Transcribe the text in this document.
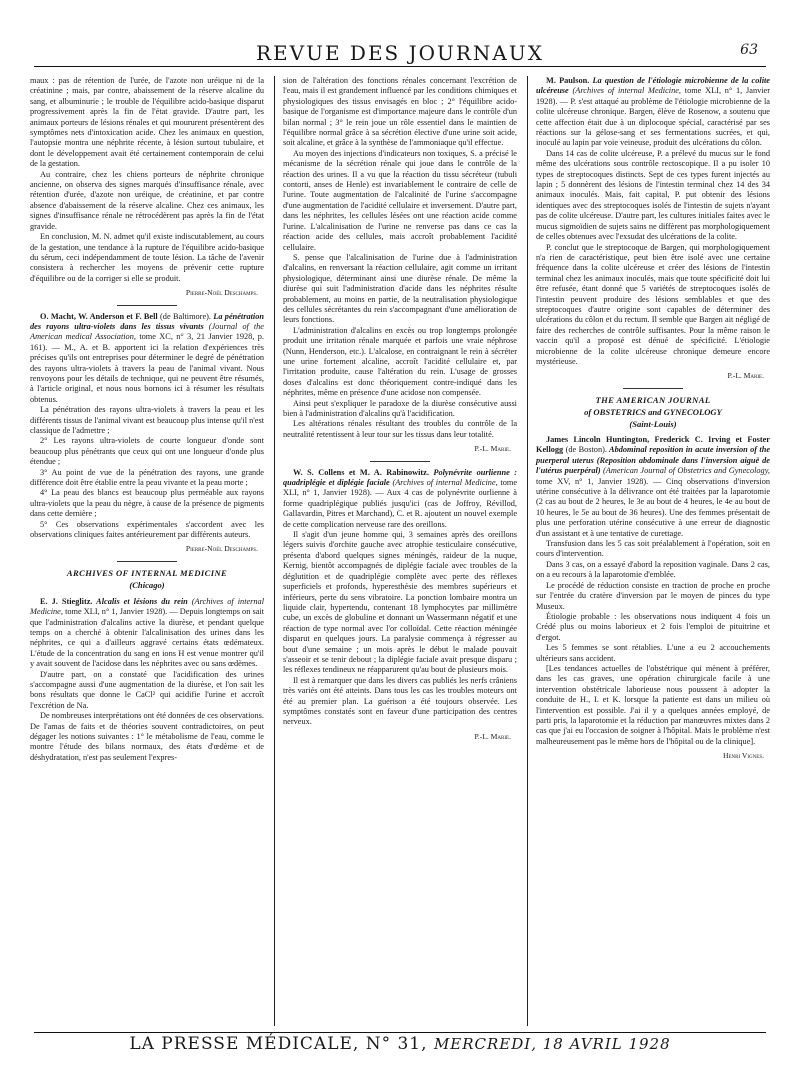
REVUE DES JOURNAUX	63

maux : pas de rétention de l'urée, de l'azote non uréique ni de la créatinine ; mais, par contre, abaissement de la réserve alcaline du sang, et albuminurie ; le trouble de l'équilibre acido-basique disparut progressivement après la fin de l'état gravide. D'autre part, les animaux porteurs de lésions rénales et qui moururent présentèrent des symptômes nets d'intoxication acide. Chez les animaux en question, l'autopsie montra une néphrite récente, à lésion surtout tubulaire, et dont le développement avait été certainement contemporain de celui de la gestation.

Au contraire, chez les chiens porteurs de néphrite chronique ancienne, on observa des signes marqués d'insuffisance rénale, avec rétention d'urée, d'azote non uréique, de créatinine, et par contre absence d'abaissement de la réserve alcaline. Chez ces animaux, les signes d'insuffisance rénale ne rétrocédèrent pas après la fin de l'état gravide.

En conclusion, M. N. admet qu'il existe indiscutablement, au cours de la gestation, une tendance à la rupture de l'équilibre acido-basique du sérum, ceci indépendamment de toute lésion. La tâche de l'avenir consistera à rechercher les moyens de prévenir cette rupture d'équilibre ou de la corriger si elle se produit.

Pierre-Noël Deschamps.

O. Macht, W. Anderson et F. Bell (de Baltimore). La pénétration des rayons ultra-violets dans les tissus vivants (Journal of the American medical Association, tome XC, n° 3, 21 Janvier 1928, p. 161). — M., A. et B. apportent ici la relation d'expériences très précises qu'ils ont entreprises pour déterminer le degré de pénétration des rayons ultra-violets à travers la peau de l'animal vivant. Nous renvoyons pour les détails de technique, qui ne peuvent être résumés, à l'article original, et nous nous bornons ici à résumer les résultats obtenus.

La pénétration des rayons ultra-violets à travers la peau et les différents tissus de l'animal vivant est beaucoup plus intense qu'il n'est classique de l'admettre ;

2° Les rayons ultra-violets de courte longueur d'onde sont beaucoup plus pénétrants que ceux qui ont une longueur d'onde plus étendue ;

3° Au point de vue de la pénétration des rayons, une grande différence doit être établie entre la peau vivante et la peau morte ;

4° La peau des blancs est beaucoup plus perméable aux rayons ultra-violets que la peau du nègre, à cause de la présence de pigments dans cette dernière ;

5° Ces observations expérimentales s'accordent avec les observations cliniques faites antérieurement par différents auteurs.

Pierre-Noël Deschamps.
ARCHIVES OF INTERNAL MEDICINE
(Chicago)

E. J. Stieglitz. Alcalis et lésions du rein (Archives of internal Medicine, tome XLI, n° 1, Janvier 1928). — Depuis longtemps on sait que l'administration d'alcalins active la diurèse, et pendant quelque temps on a cherché à obtenir l'alcalinisation des urines dans les néphrites, ce qui a d'ailleurs aggravé certains états œdémateux. L'étude de la concentration du sang en ions H est venue montrer qu'il y avait souvent de l'acidose dans les néphrites avec ou sans œdèmes.

D'autre part, on a constaté que l'acidification des urines s'accompagne aussi d'une augmentation de la diurèse, et l'on sait les bons résultats que donne le CaCl² qui acidifie l'urine et accroît l'excrétion de Na.

De nombreuses interprétations ont été données de ces observations. De l'amas de faits et de théories souvent contradictoires, on peut dégager les notions suivantes : 1° le métabolisme de l'eau, comme le montre l'étude des bilans normaux, des états d'œdème et de déshydratation, n'est pas seulement l'expres-

sion de l'altération des fonctions rénales concernant l'excrétion de l'eau, mais il est grandement influencé par les conditions chimiques et physiologiques des tissus envisagés en bloc ; 2° l'équilibre acido-basique de l'organisme est d'importance majeure dans le contrôle d'un bilan normal ; 3° le rein joue un rôle essentiel dans le maintien de l'équilibre normal grâce à sa sécrétion élective d'une urine soit acide, soit alcaline, et grâce à la synthèse de l'ammoniaque qu'il effectue.

Au moyen des injections d'indicateurs non toxiques, S. a précisé le mécanisme de la sécrétion rénale qui joue dans le contrôle de la réaction des urines. Il a vu que la réaction du tissu sécréteur (tubuli contorti, anses de Henle) est invariablement le contraire de celle de l'urine. Toute augmentation de l'alcalinité de l'urine s'accompagne d'une augmentation de l'acidité cellulaire et inversement. D'autre part, dans les néphrites, les cellules lésées ont une réaction acide comme l'urine. L'alcalinisation de l'urine ne renverse pas dans ce cas la réaction acide des cellules, mais accroît probablement l'acidité cellulaire.

S. pense que l'alcalinisation de l'urine due à l'administration d'alcalins, en renversant la réaction cellulaire, agit comme un irritant physiologique, déterminant ainsi une diurèse rénale. De même la diurèse qui suit l'administration d'acide dans les néphrites résulte probablement, au moins en partie, de la neutralisation physiologique des cellules sécrétantes du rein s'accompagnant d'une amélioration de leurs fonctions.

L'administration d'alcalins en excès ou trop longtemps prolongée produit une irritation rénale marquée et parfois une vraie néphrose (Nunn, Henderson, etc.). L'alcalose, en contraignant le rein à sécréter une urine fortement alcaline, accroît l'acidité cellulaire et, par l'irritation produite, cause l'altération du rein. L'usage de grosses doses d'alcalins est donc théoriquement contre-indiqué dans les néphrites, même en présence d'une acidose non compensée.

Ainsi peut s'expliquer le paradoxe de la diurèse consécutive aussi bien à l'administration d'alcalins qu'à l'acidification.

Les altérations rénales résultant des troubles du contrôle de la neutralité retentissent à leur tour sur les tissus dans leur totalité.

P.-L. Marie.

W. S. Collens et M. A. Rabinowitz. Polynévrite ourlienne : quadriplégie et diplégie faciale (Archives of internal Medicine, tome XLI, n° 1, Janvier 1928). — Aux 4 cas de polynévrite ourlienne à forme quadriplégique publiés jusqu'ici (cas de Joffroy, Révillod, Gallavardin, Pitres et Marchand), C. et R. ajoutent un nouvel exemple de cette complication nerveuse rare des oreillons.

Il s'agit d'un jeune homme qui, 3 semaines après des oreillons légers suivis d'orchite gauche avec atrophie testiculaire consécutive, présenta d'abord quelques signes méningés, raideur de la nuque, Kernig, bientôt accompagnés de diplégie faciale avec troubles de la déglutition et de quadriplégie complète avec perte des réflexes superficiels et profonds, hyperesthésie des membres supérieurs et inférieurs, perte du sens vibratoire. La ponction lombaire montra un liquide clair, hypertendu, contenant 18 lymphocytes par millimètre cube, un excès de globuline et donnant un Wassermann négatif et une réaction de type normal avec l'or colloïdal. Cette réaction méningée disparut en quelques jours. La paralysie commença à régresser au bout d'une semaine ; un mois après le début le malade pouvait s'asseoir et se tenir debout ; la diplégie faciale avait presque disparu ; les réflexes tendineux ne réapparurent qu'au bout de plusieurs mois.

Il est à remarquer que dans les divers cas publiés les nerfs crâniens très variés ont été atteints. Dans tous les cas les troubles moteurs ont été au premier plan. La guérison a été toujours observée. Les symptômes constatés sont en faveur d'une participation des centres nerveux.

P.-L. Marie.

M. Paulson. La question de l'étiologie microbienne de la colite ulcéreuse (Archives of internal Medicine, tome XLI, n° 1, Janvier 1928). — P. s'est attaqué au problème de l'étiologie microbienne de la colite ulcéreuse chronique. Bargen, élève de Rosenow, a soutenu que cette affection était due à un diplocoque spécial, caractérisé par ses réactions sur la gélose-sang et ses fermentations sucrées, et qui, inoculé au lapin par voie veineuse, produit des ulcérations du côlon.

Dans 14 cas de colite ulcéreuse, P. a prélevé du mucus sur le fond même des ulcérations sous contrôle rectoscopique. Il a pu isoler 10 types de streptocoques distincts. Sept de ces types furent injectés au lapin ; 5 donnèrent des lésions de l'intestin terminal chez 14 des 34 animaux inoculés. Mais, fait capital, P. put obtenir des lésions identiques avec des streptocoques isolés de l'intestin de sujets n'ayant pas de colite ulcéreuse. D'autre part, les cultures initiales faites avec le mucus sigmoïdien de sujets sains ne diffèrent pas morphologiquement de celles obtenues avec l'exsudat des ulcérations de la colite.

P. conclut que le streptocoque de Bargen, qui morphologiquement n'a rien de caractéristique, peut bien être isolé avec une certaine fréquence dans la colite ulcéreuse et créer des lésions de l'intestin terminal chez les animaux inoculés, mais que toute spécificité doit lui être refusée, étant donné que 5 variétés de streptocoques isolés de l'intestin peuvent produire des lésions semblables et que des streptocoques d'autre origine sont capables de déterminer des ulcérations du côlon et du rectum. Il semble que Bargen ait négligé de faire des recherches de contrôle suffisantes. Pour la même raison le vaccin qu'il a proposé est dénué de spécificité. L'étiologie microbienne de la colite ulcéreuse chronique demeure encore mystérieuse.

P.-L. Marie.
THE AMERICAN JOURNAL
of OBSTETRICS and GYNECOLOGY
(Saint-Louis)

James Lincoln Huntington, Frederick C. Irving et Foster Kellogg (de Boston). Abdominal reposition in acute inversion of the puerperal uterus (Reposition abdominale dans l'inversion aiguë de l'utérus puerpéral) (American Journal of Obstetrics and Gynecology, tome XV, n° 1, Janvier 1928). — Cinq observations d'inversion utérine consécutive à la délivrance ont été traitées par la laparotomie (2 cas au bout de 2 heures, le 3e au bout de 4 heures, le 4e au bout de 10 heures, le 5e au bout de 36 heures). Une des femmes présentait de plus une perforation utérine consécutive à une erreur de diagnostic d'un assistant et à une tentative de curettage.

Transfusion dans les 5 cas soit préalablement à l'opération, soit en cours d'intervention.

Dans 3 cas, on a essayé d'abord la reposition vaginale. Dans 2 cas, on a eu recours à la laparotomie d'emblée.

Le procédé de réduction consiste en traction de proche en proche sur l'entrée du cratère d'inversion par le moyen de pinces du type Museux.

Étiologie probable : les observations nous indiquent 4 fois un Crédé plus ou moins laborieux et 2 fois l'emploi de pituitrine et d'ergot.

Les 5 femmes se sont rétablies. L'une a eu 2 accouchements ultérieurs sans accident.

[Les tendances actuelles de l'obstétrique qui mènent à préférer, dans les cas graves, une opération chirurgicale facile à une intervention obstétricale laborieuse nous poussent à adopter la conduite de H., I. et K. lorsque la patiente est dans un milieu où l'intervention est possible. J'ai il y a quelques années employé, de parti pris, la laparotomie et la réduction par manœuvres mixtes dans 2 cas que j'ai eu l'occasion de soigner à l'hôpital. Mais le problème n'est malheureusement pas le même hors de l'hôpital ou de la clinique].

Henri Vignes.
LA PRESSE MÉDICALE, N° 31, MERCREDI, 18 AVRIL 1928
